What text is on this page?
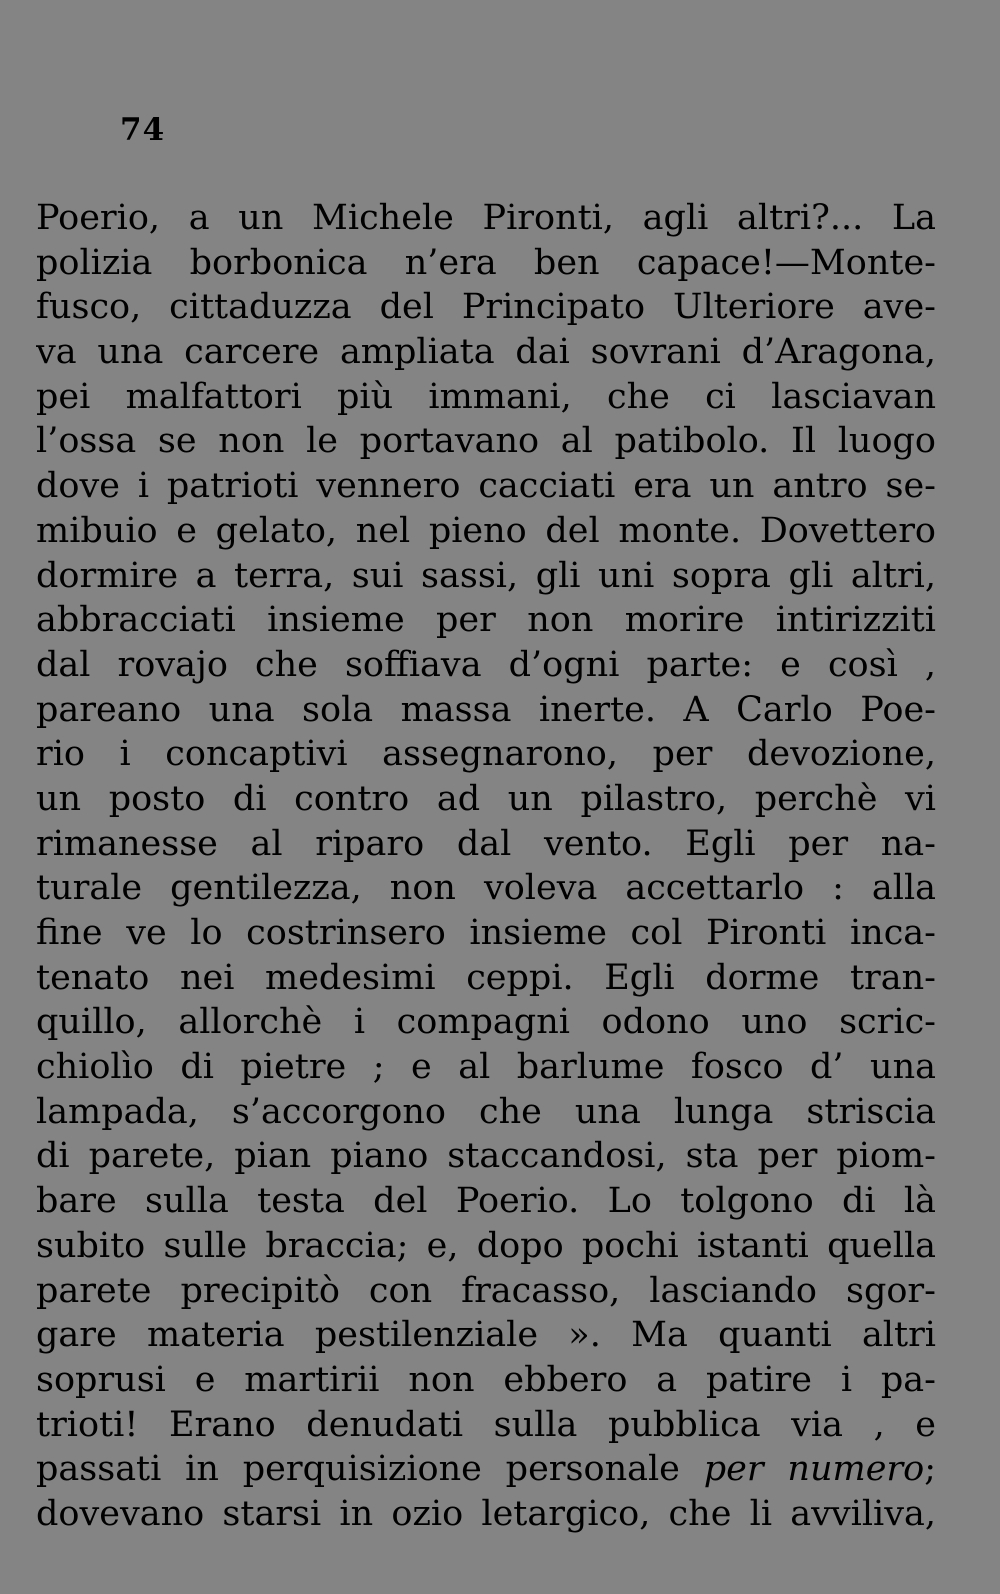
74
Poerio, a un Michele Pironti, agli altri?... La
polizia borbonica n’era ben capace!—Monte-
fusco, cittaduzza del Principato Ulteriore ave-
va una carcere ampliata dai sovrani d’Aragona,
pei malfattori più immani, che ci lasciavan
l’ossa se non le portavano al patibolo. Il luogo
dove i patrioti vennero cacciati era un antro se-
mibuio e gelato, nel pieno del monte. Dovettero
dormire a terra, sui sassi, gli uni sopra gli altri,
abbracciati insieme per non morire intirizziti
dal rovajo che soffiava d’ogni parte: e così ,
pareano una sola massa inerte. A Carlo Poe-
rio i concaptivi assegnarono, per devozione,
un posto di contro ad un pilastro, perchè vi
rimanesse al riparo dal vento. Egli per na-
turale gentilezza, non voleva accettarlo : alla
fine ve lo costrinsero insieme col Pironti inca-
tenato nei medesimi ceppi. Egli dorme tran-
quillo, allorchè i compagni odono uno scric-
chiolìo di pietre ; e al barlume fosco d’ una
lampada, s’accorgono che una lunga striscia
di parete, pian piano staccandosi, sta per piom-
bare sulla testa del Poerio. Lo tolgono di là
subito sulle braccia; e, dopo pochi istanti quella
parete precipitò con fracasso, lasciando sgor-
gare materia pestilenziale ». Ma quanti altri
soprusi e martirii non ebbero a patire i pa-
trioti! Erano denudati sulla pubblica via , e
passati in perquisizione personale per numero;
dovevano starsi in ozio letargico, che li avviliva,
